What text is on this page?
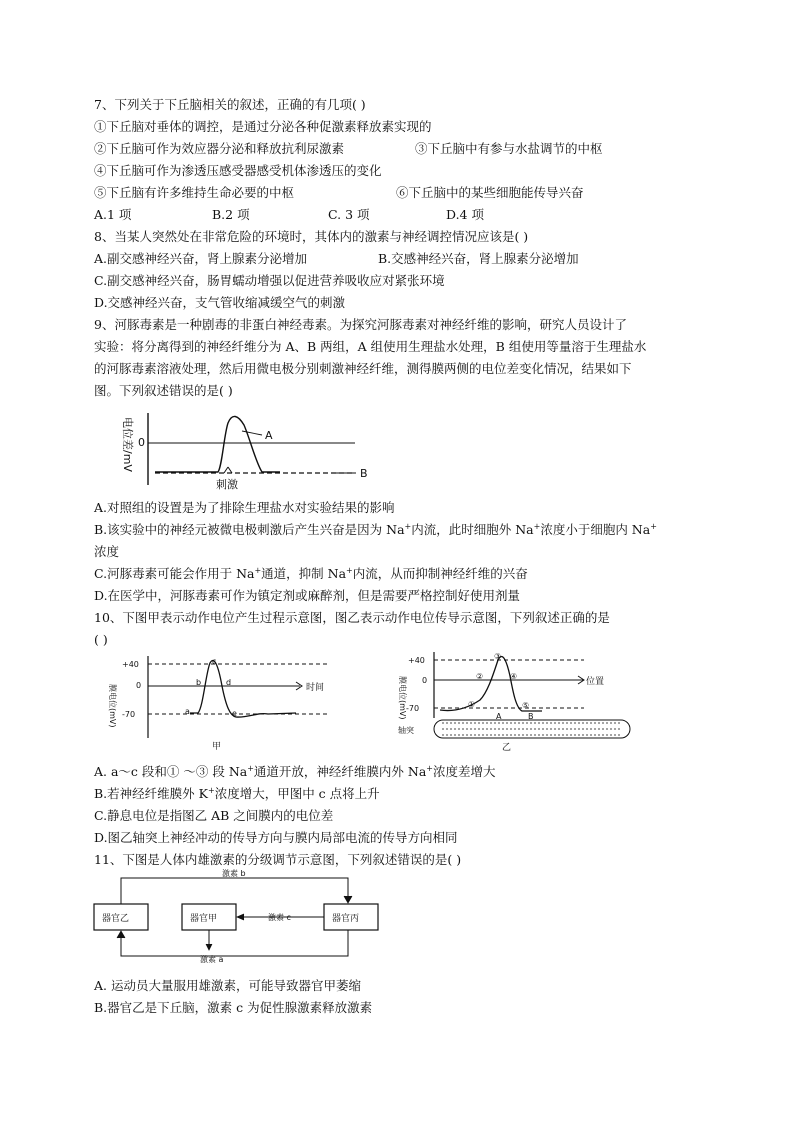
7、下列关于下丘脑相关的叙述，正确的有几项( )
①下丘脑对垂体的调控，是通过分泌各种促激素释放素实现的
②下丘脑可作为效应器分泌和释放抗利尿激素	③下丘脑中有参与水盐调节的中枢
④下丘脑可作为渗透压感受器感受机体渗透压的变化
⑤下丘脑有许多维持生命必要的中枢	⑥下丘脑中的某些细胞能传导兴奋
A.1 项	B.2 项	C. 3 项	D.4 项
8、当某人突然处在非常危险的环境时，其体内的激素与神经调控情况应该是( )
A.副交感神经兴奋，肾上腺素分泌增加	B.交感神经兴奋，肾上腺素分泌增加
C.副交感神经兴奋，肠胃蠕动增强以促进营养吸收应对紧张环境
D.交感神经兴奋，支气管收缩减缓空气的刺激
9、河豚毒素是一种剧毒的非蛋白神经毒素。为探究河豚毒素对神经纤维的影响，研究人员设计了
实验：将分离得到的神经纤维分为 A、B 两组，A 组使用生理盐水处理，B 组使用等量溶于生理盐水
的河豚毒素溶液处理，然后用微电极分别刺激神经纤维，测得膜两侧的电位差变化情况，结果如下
图。下列叙述错误的是( )
电位差/mV 0
A
B
刺激
A.对照组的设置是为了排除生理盐水对实验结果的影响
B.该实验中的神经元被微电极刺激后产生兴奋是因为 Na+内流，此时细胞外 Na+浓度小于细胞内 Na+
浓度
C.河豚毒素可能会作用于 Na+通道，抑制 Na+内流，从而抑制神经纤维的兴奋
D.在医学中，河豚毒素可作为镇定剂或麻醉剂，但是需要严格控制好使用剂量
10、下图甲表示动作电位产生过程示意图，图乙表示动作电位传导示意图，下列叙述正确的是
( )
膜电位(mV)
+40
0
-70
时间
a
b
c
d
e
甲
膜电位(mV)
+40
0
-70
位置
①
②
③
④
⑤
A	B
轴突
乙
A. a～c 段和① ～③ 段 Na+通道开放，神经纤维膜内外 Na+浓度差增大
B.若神经纤维膜外 K+浓度增大，甲图中 c 点将上升
C.静息电位是指图乙 AB 之间膜内的电位差
D.图乙轴突上神经冲动的传导方向与膜内局部电流的传导方向相同
11、下图是人体内雄激素的分级调节示意图，下列叙述错误的是( )
器官乙	器官甲	器官丙
激素 b
激素 c
激素 a
A. 运动员大量服用雄激素，可能导致器官甲萎缩
B.器官乙是下丘脑，激素 c 为促性腺激素释放激素
